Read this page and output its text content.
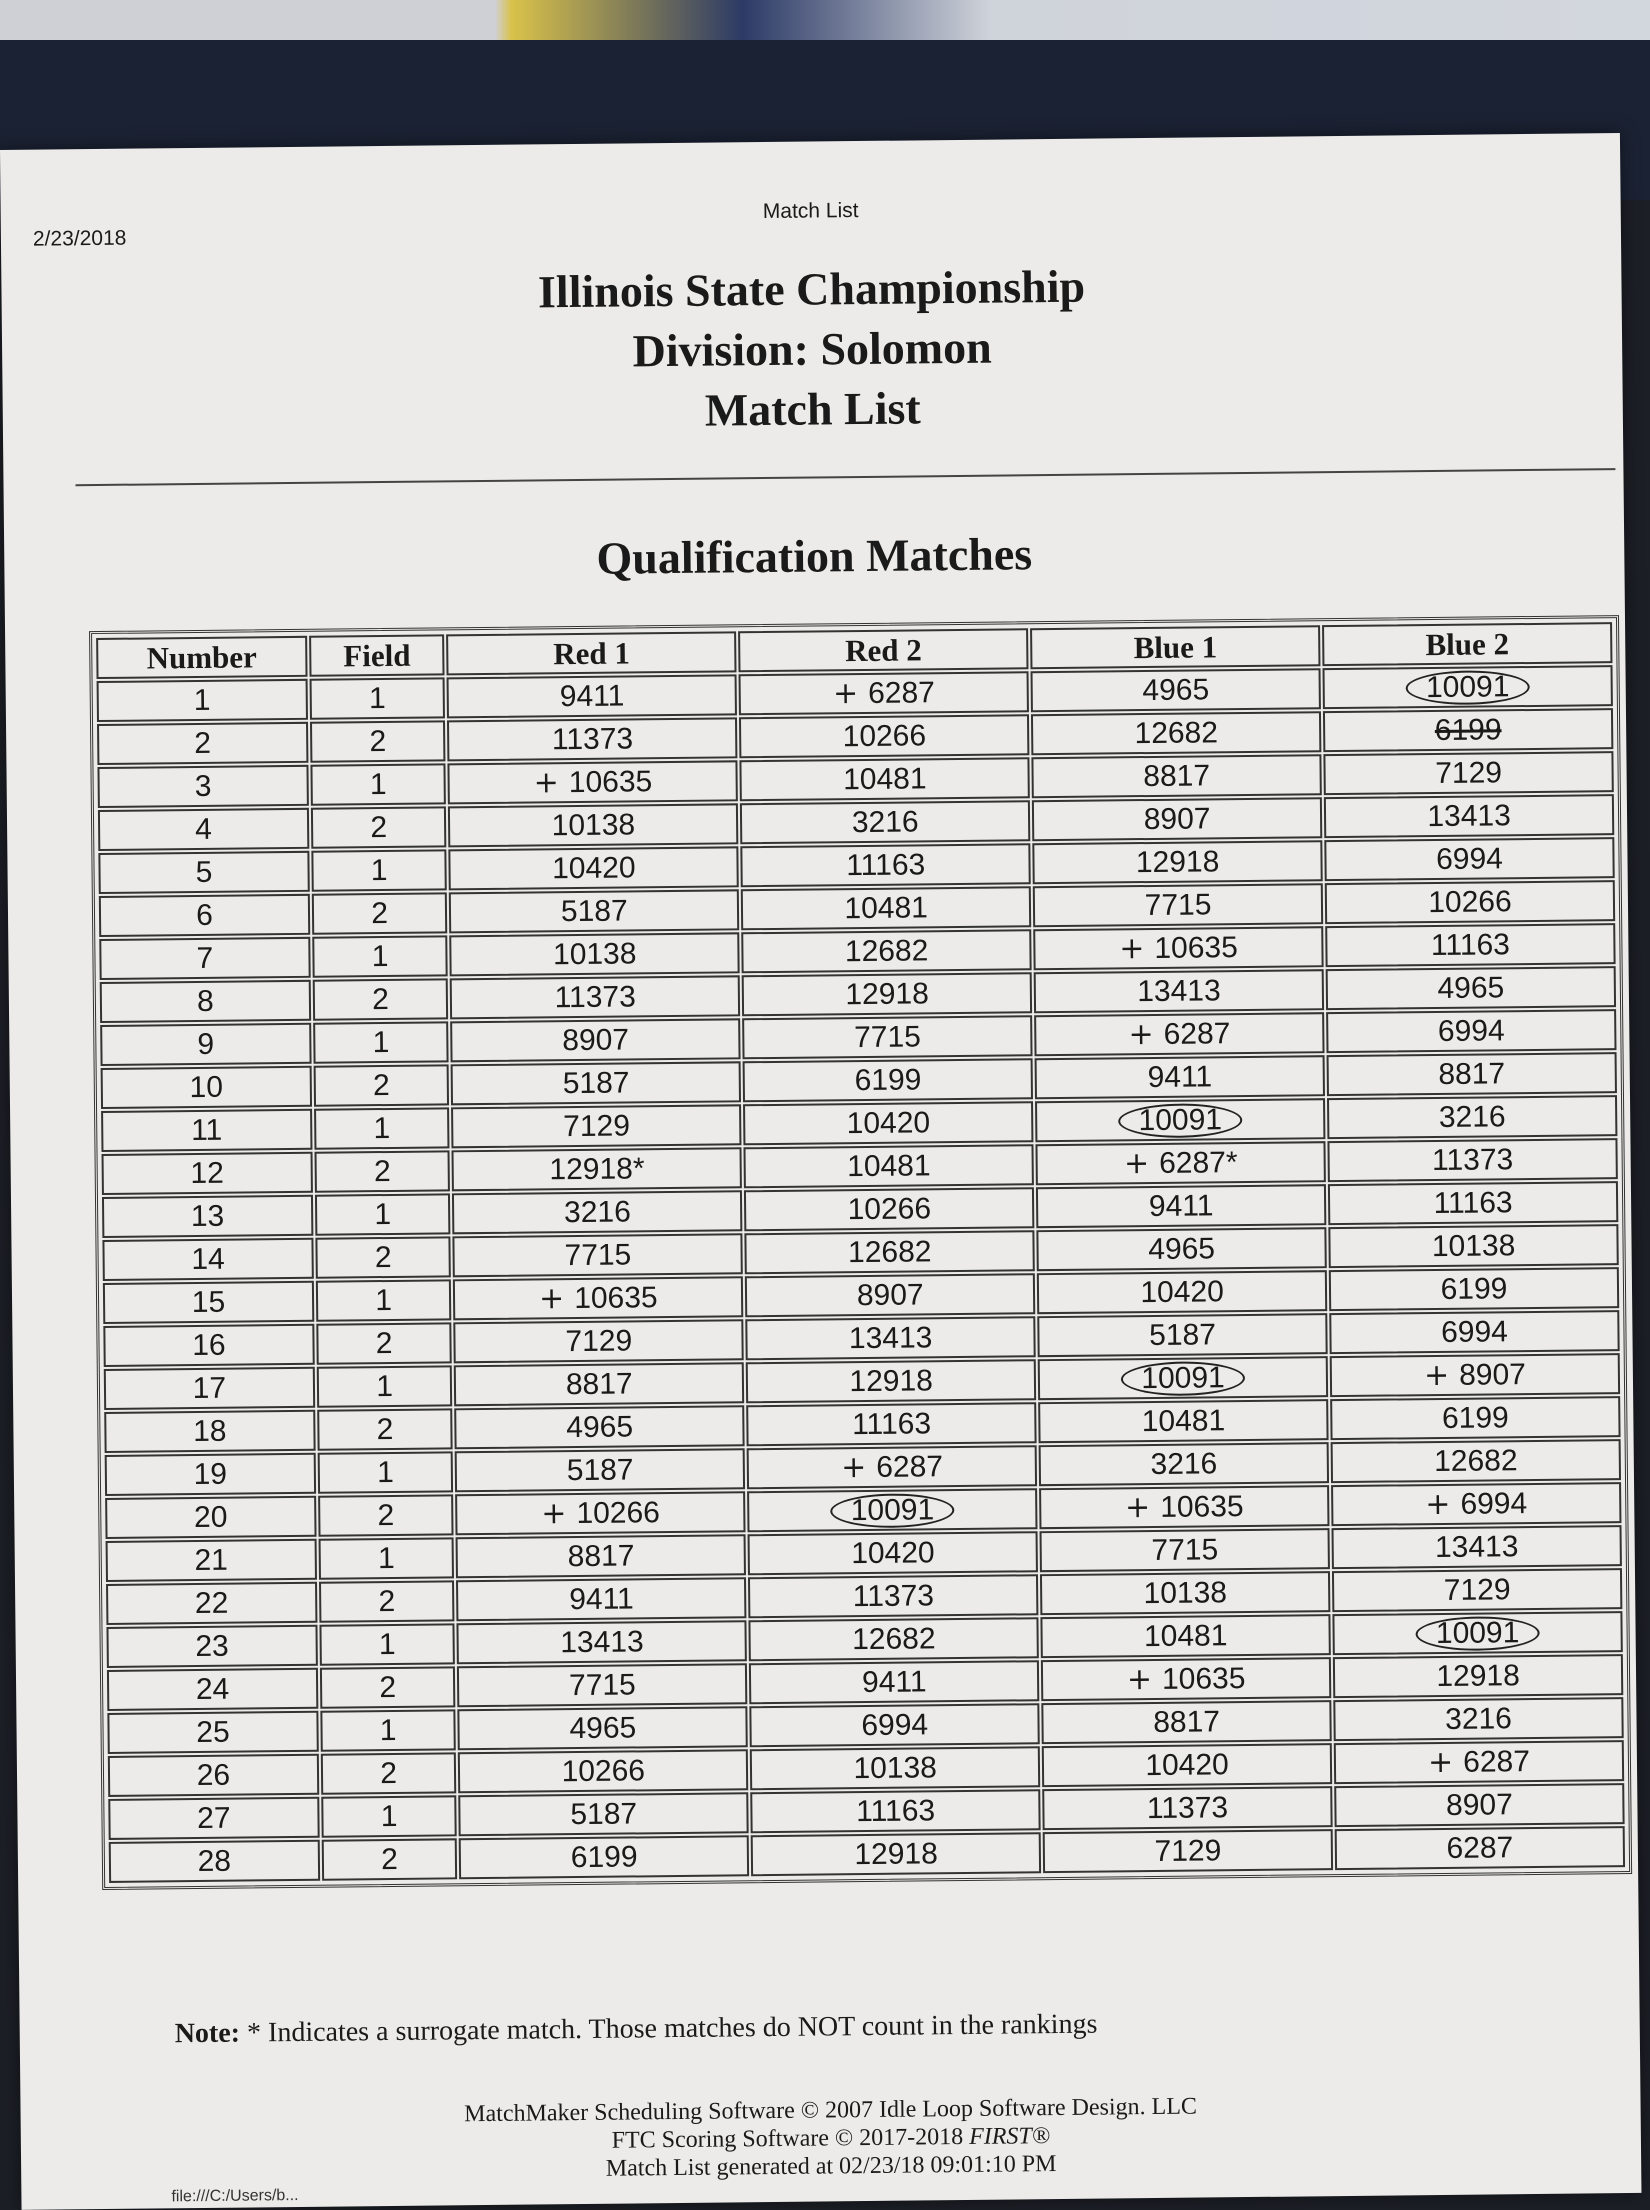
2/23/2018
Match List
Illinois State Championship
Division: Solomon
Match List
Qualification Matches
Number	Field	Red 1	Red 2	Blue 1	Blue 2
1	1	9411	+ 6287	4965	10091
2	2	11373	10266	12682	6199
3	1	+ 10635	10481	8817	7129
4	2	10138	3216	8907	13413
5	1	10420	11163	12918	6994
6	2	5187	10481	7715	10266
7	1	10138	12682	+ 10635	11163
8	2	11373	12918	13413	4965
9	1	8907	7715	+ 6287	6994
10	2	5187	6199	9411	8817
11	1	7129	10420	10091	3216
12	2	12918*	10481	+ 6287*	11373
13	1	3216	10266	9411	11163
14	2	7715	12682	4965	10138
15	1	+ 10635	8907	10420	6199
16	2	7129	13413	5187	6994
17	1	8817	12918	10091	+ 8907
18	2	4965	11163	10481	6199
19	1	5187	+ 6287	3216	12682
20	2	+ 10266	10091	+ 10635	+ 6994
21	1	8817	10420	7715	13413
22	2	9411	11373	10138	7129
23	1	13413	12682	10481	10091
24	2	7715	9411	+ 10635	12918
25	1	4965	6994	8817	3216
26	2	10266	10138	10420	+ 6287
27	1	5187	11163	11373	8907
28	2	6199	12918	7129	6287
Note: * Indicates a surrogate match. Those matches do NOT count in the rankings
MatchMaker Scheduling Software © 2007 Idle Loop Software Design. LLC
FTC Scoring Software © 2017-2018 FIRST®
Match List generated at 02/23/18 09:01:10 PM
file:///C:/Users/b...
